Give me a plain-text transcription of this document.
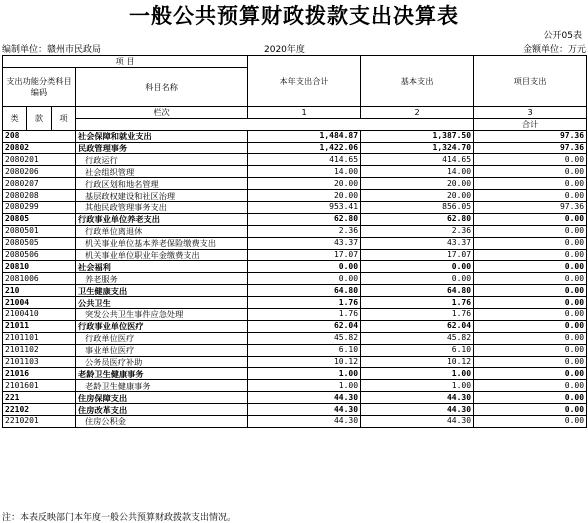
一般公共预算财政拨款支出决算表
公开05表
编制单位：赣州市民政局	2020年度	金额单位：万元
项 目				本年支出合计	基本支出	项目支出	
支出功能分类科目编码			科目名称				

类	款	项	栏次	1	2	3	
						合计			
208			社会保障和就业支出	1,484.87	1,387.50	97.36	
20802			民政管理事务	1,422.06	1,324.70	97.36	
2080201			行政运行	414.65	414.65	0.00	
2080206			社会组织管理	14.00	14.00	0.00	
2080207			行政区划和地名管理	20.00	20.00	0.00	
2080208			基层政权建设和社区治理	20.00	20.00	0.00	
2080299			其他民政管理事务支出	953.41	856.05	97.36	
20805			行政事业单位养老支出	62.80	62.80	0.00	
2080501			行政单位离退休	2.36	2.36	0.00	
2080505			机关事业单位基本养老保险缴费支出	43.37	43.37	0.00	
2080506			机关事业单位职业年金缴费支出	17.07	17.07	0.00	
20810			社会福利	0.00	0.00	0.00	
2081006			养老服务	0.00	0.00	0.00	
210			卫生健康支出	64.80	64.80	0.00	
21004			公共卫生	1.76	1.76	0.00	
2100410			突发公共卫生事件应急处理	1.76	1.76	0.00	
21011			行政事业单位医疗	62.04	62.04	0.00	
2101101			行政单位医疗	45.82	45.82	0.00	
2101102			事业单位医疗	6.10	6.10	0.00	
2101103			公务员医疗补助	10.12	10.12	0.00	
21016			老龄卫生健康事务	1.00	1.00	0.00	
2101601			老龄卫生健康事务	1.00	1.00	0.00	
221			住房保障支出	44.30	44.30	0.00	
22102			住房改革支出	44.30	44.30	0.00	
2210201			住房公积金	44.30	44.30	0.00	
注：本表反映部门本年度一般公共预算财政拨款支出情况。
